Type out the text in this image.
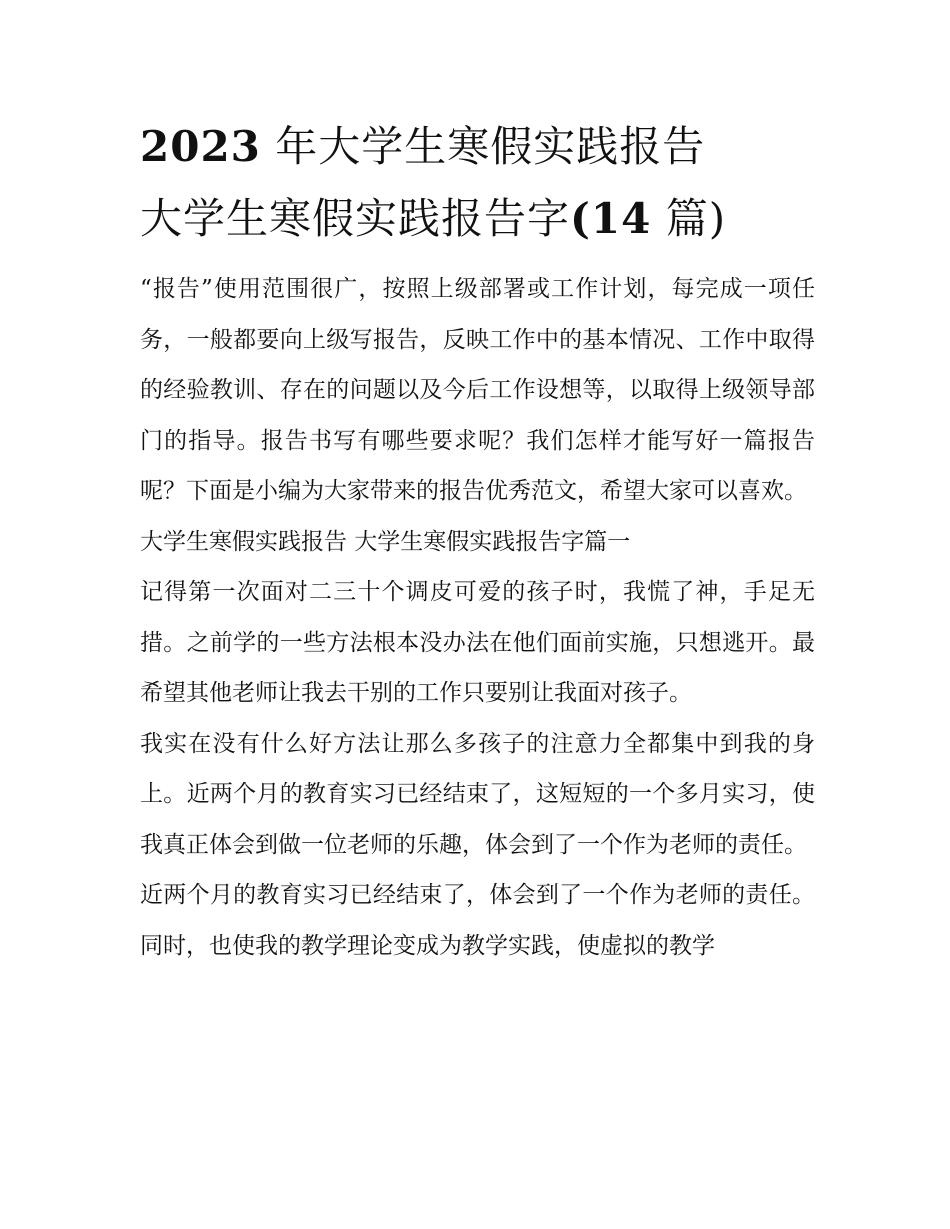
2023 年大学生寒假实践报告
大学生寒假实践报告字(14 篇)

“报告”使用范围很广，按照上级部署或工作计划，每完成一项任务，一般都要向上级写报告，反映工作中的基本情况、工作中取得的经验教训、存在的问题以及今后工作设想等，以取得上级领导部门的指导。报告书写有哪些要求呢？我们怎样才能写好一篇报告呢？下面是小编为大家带来的报告优秀范文，希望大家可以喜欢。

大学生寒假实践报告 大学生寒假实践报告字篇一

记得第一次面对二三十个调皮可爱的孩子时，我慌了神，手足无措。之前学的一些方法根本没办法在他们面前实施，只想逃开。最希望其他老师让我去干别的工作只要别让我面对孩子。

我实在没有什么好方法让那么多孩子的注意力全都集中到我的身上。近两个月的教育实习已经结束了，这短短的一个多月实习，使我真正体会到做一位老师的乐趣，体会到了一个作为老师的责任。

近两个月的教育实习已经结束了，体会到了一个作为老师的责任。同时，也使我的教学理论变成为教学实践，使虚拟的教学
